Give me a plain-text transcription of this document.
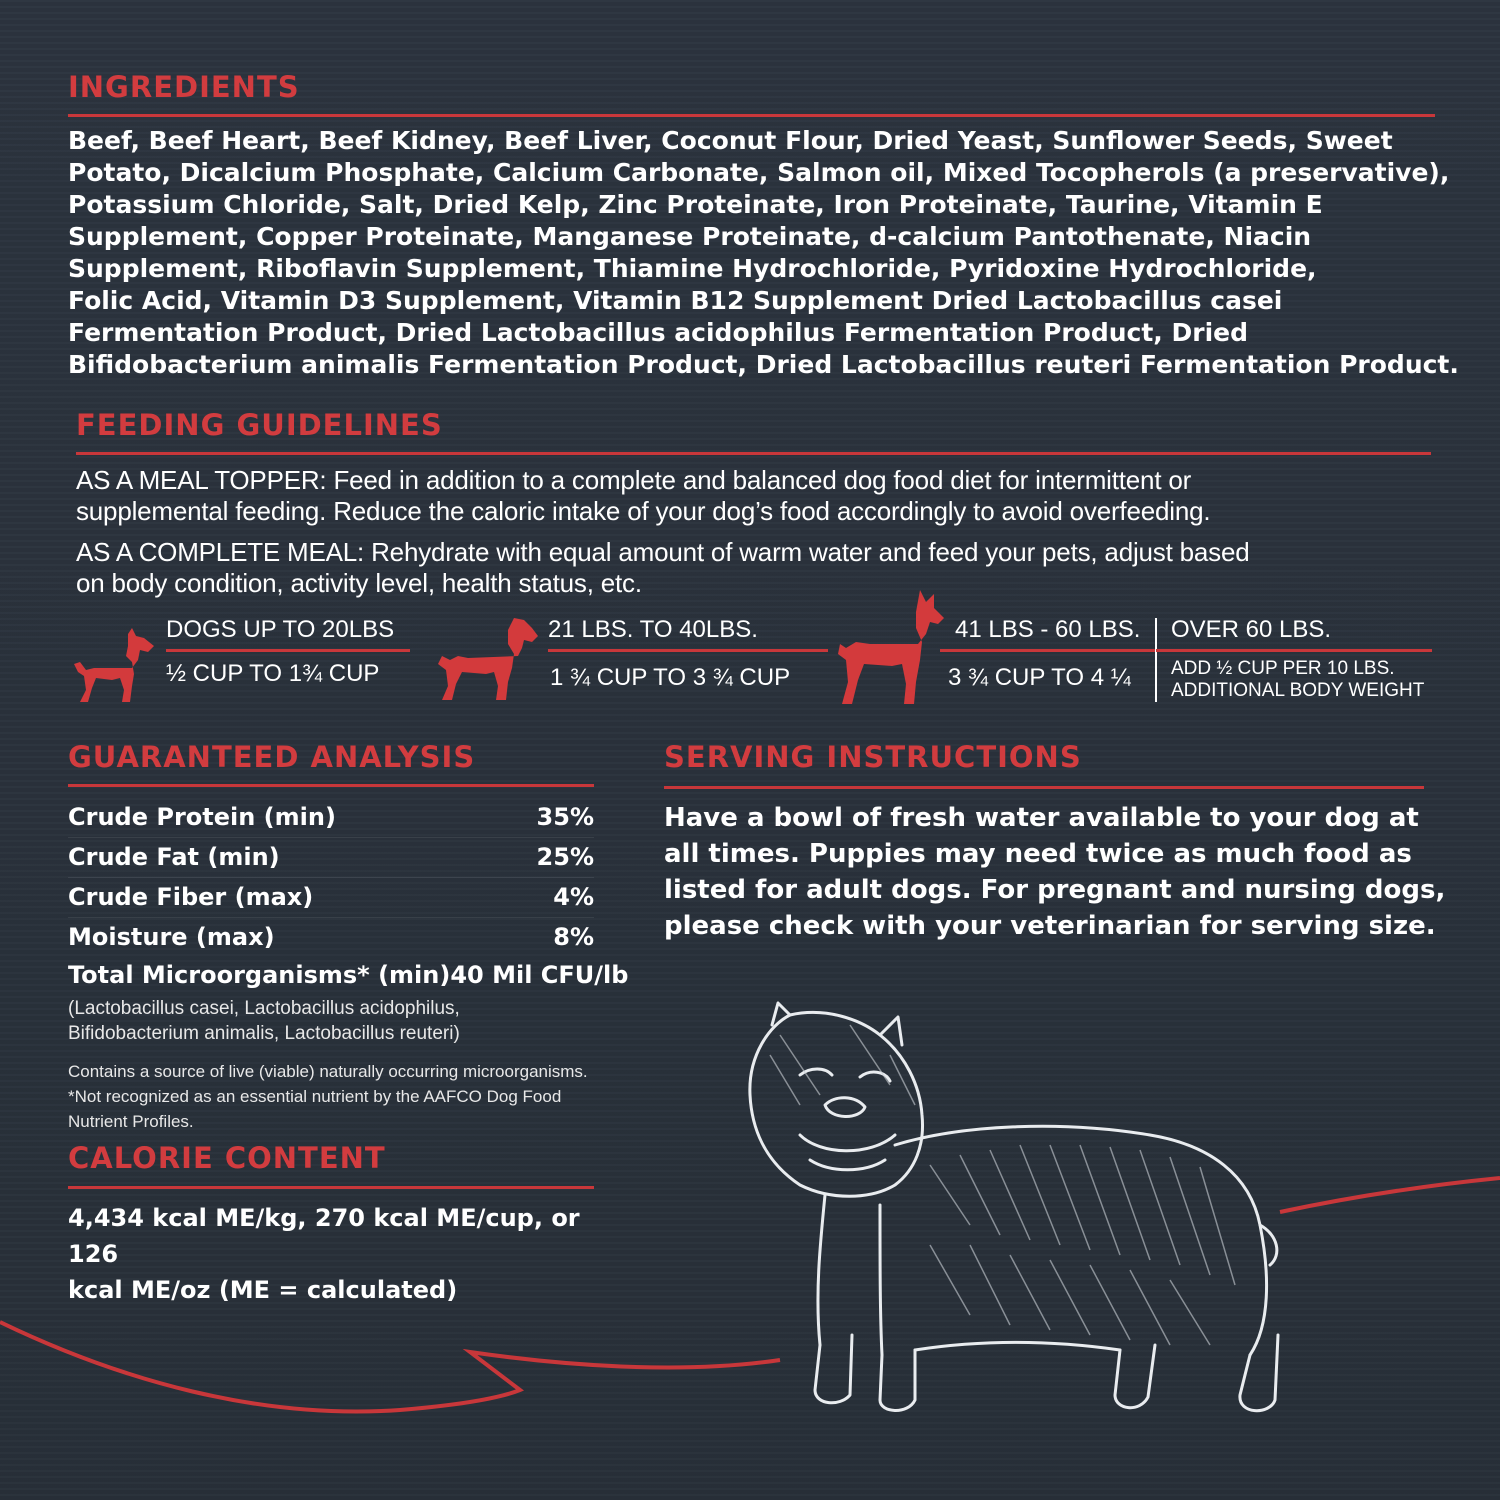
INGREDIENTS

Beef, Beef Heart, Beef Kidney, Beef Liver, Coconut Flour, Dried Yeast, Sunflower Seeds, Sweet

Potato, Dicalcium Phosphate, Calcium Carbonate, Salmon oil, Mixed Tocopherols (a preservative),

Potassium Chloride, Salt, Dried Kelp, Zinc Proteinate, Iron Proteinate, Taurine, Vitamin E

Supplement, Copper Proteinate, Manganese Proteinate, d-calcium Pantothenate, Niacin

Supplement, Riboflavin Supplement, Thiamine Hydrochloride, Pyridoxine Hydrochloride,

Folic Acid, Vitamin D3 Supplement, Vitamin B12 Supplement Dried Lactobacillus casei

Fermentation Product, Dried Lactobacillus acidophilus Fermentation Product, Dried

Bifidobacterium animalis Fermentation Product, Dried Lactobacillus reuteri Fermentation Product.

FEEDING GUIDELINES

AS A MEAL TOPPER: Feed in addition to a complete and balanced dog food diet for intermittent or

supplemental feeding. Reduce the caloric intake of your dog’s food accordingly to avoid overfeeding.

AS A COMPLETE MEAL: Rehydrate with equal amount of warm water and feed your pets, adjust based

on body condition, activity level, health status, etc.

DOGS UP TO 20LBS
½ CUP TO 1¾ CUP
21 LBS. TO 40LBS.
1 ¾ CUP TO 3 ¾ CUP
41 LBS - 60 LBS.
3 ¾ CUP TO 4 ¼
OVER 60 LBS.
ADD ½ CUP PER 10 LBS.
ADDITIONAL BODY WEIGHT
GUARANTEED ANALYSIS
Crude Protein (min)	35%
Crude Fat (min)	25%
Crude Fiber (max)	4%
Moisture (max)	8%
Total Microorganisms* (min)40 Mil CFU/lb

(Lactobacillus casei, Lactobacillus acidophilus,

Bifidobacterium animalis, Lactobacillus reuteri)

Contains a source of live (viable) naturally occurring microorganisms.

*Not recognized as an essential nutrient by the AAFCO Dog Food

Nutrient Profiles.

CALORIE CONTENT

4,434 kcal ME/kg, 270 kcal ME/cup, or 126

kcal ME/oz (ME = calculated)

SERVING INSTRUCTIONS

Have a bowl of fresh water available to your dog at

all times. Puppies may need twice as much food as

listed for adult dogs. For pregnant and nursing dogs,

please check with your veterinarian for serving size.
